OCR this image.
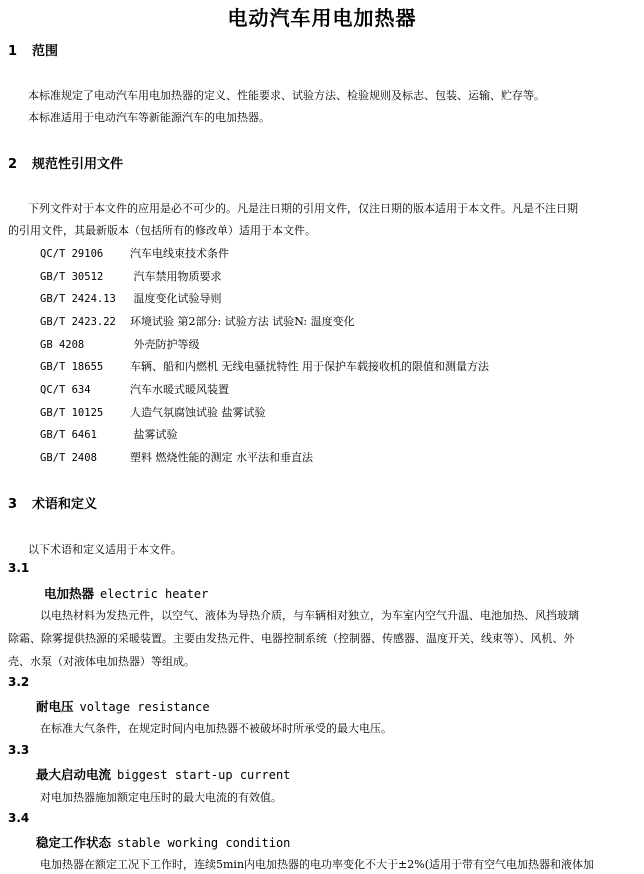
电动汽车用电加热器
1 范围
本标准规定了电动汽车用电加热器的定义、性能要求、试验方法、检验规则及标志、包装、运输、贮存等。
本标准适用于电动汽车等新能源汽车的电加热器。
2 规范性引用文件
下列文件对于本文件的应用是必不可少的。凡是注日期的引用文件，仅注日期的版本适用于本文件。凡是不注日期
的引用文件，其最新版本（包括所有的修改单）适用于本文件。
QC/T 29106 汽车电线束技术条件
GB/T 30512 汽车禁用物质要求
GB/T 2424.13 温度变化试验导则
GB/T 2423.22 环境试验 第2部分: 试验方法 试验N: 温度变化
GB 4208	外壳防护等级
GB/T 18655 车辆、船和内燃机 无线电骚扰特性 用于保护车载接收机的限值和测量方法
QC/T 634	汽车水暖式暖风装置
GB/T 10125 人造气氛腐蚀试验 盐雾试验
GB/T 6461	盐雾试验
GB/T 2408	塑料 燃烧性能的测定 水平法和垂直法
3 术语和定义
以下术语和定义适用于本文件。
3.1
电加热器 electric heater
以电热材料为发热元件，以空气、液体为导热介质，与车辆相对独立，为车室内空气升温、电池加热、风挡玻璃
除霜、除雾提供热源的采暖装置。主要由发热元件、电器控制系统（控制器、传感器、温度开关、线束等）、风机、外
壳、水泵（对液体电加热器）等组成。
3.2
耐电压 voltage resistance
在标准大气条件，在规定时间内电加热器不被破坏时所承受的最大电压。
3.3
最大启动电流 biggest start-up current
对电加热器施加额定电压时的最大电流的有效值。
3.4
稳定工作状态 stable working condition
电加热器在额定工况下工作时，连续5min内电加热器的电功率变化不大于±2%(适用于带有空气电加热器和液体加
